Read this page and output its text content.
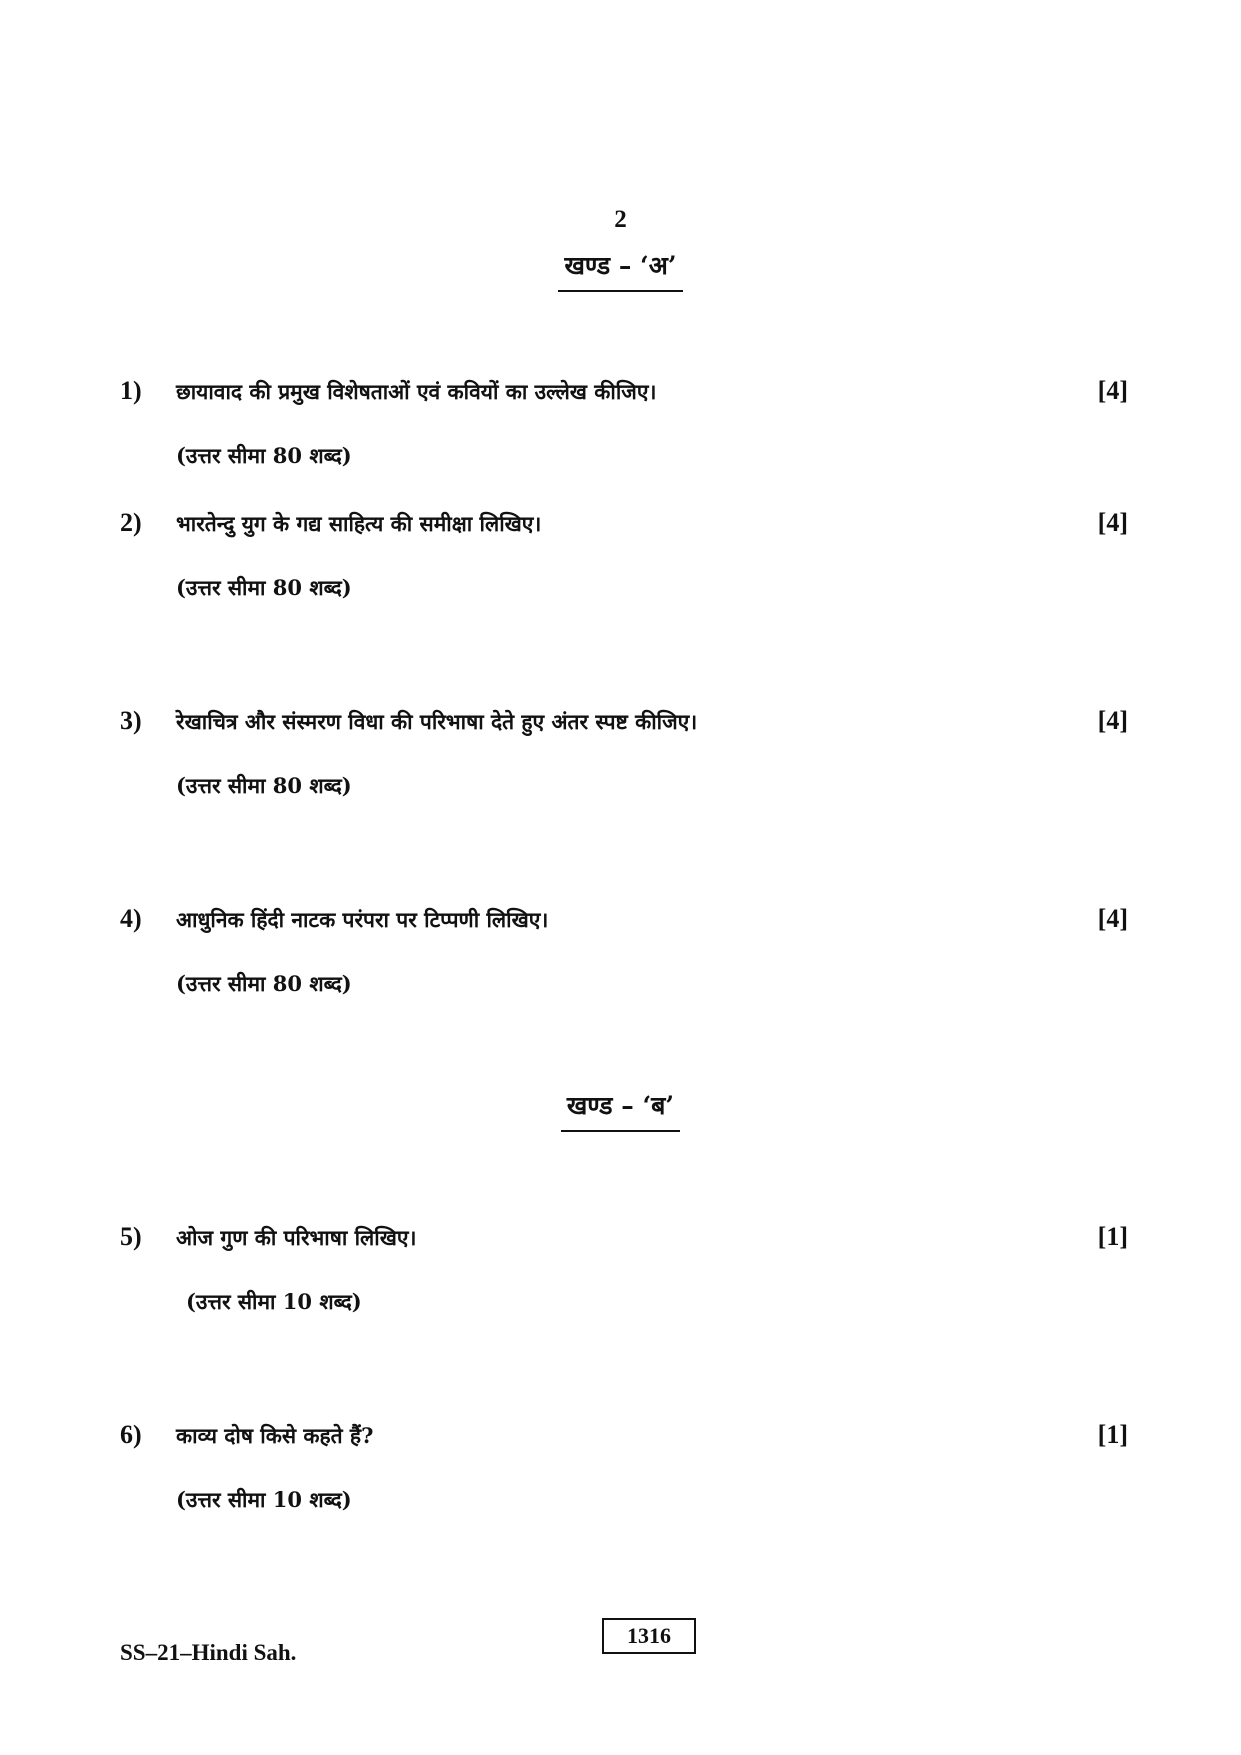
2
खण्ड – ‘अ’
1) छायावाद की प्रमुख विशेषताओं एवं कवियों का उल्लेख कीजिए।	[4]
(उत्तर सीमा 80 शब्द)
2) भारतेन्दु युग के गद्य साहित्य की समीक्षा लिखिए।	[4]
(उत्तर सीमा 80 शब्द)
3) रेखाचित्र और संस्मरण विधा की परिभाषा देते हुए अंतर स्पष्ट कीजिए।	[4]
(उत्तर सीमा 80 शब्द)
4) आधुनिक हिंदी नाटक परंपरा पर टिप्पणी लिखिए।	[4]
(उत्तर सीमा 80 शब्द)
खण्ड – ‘ब’
5) ओज गुण की परिभाषा लिखिए।	[1]
(उत्तर सीमा 10 शब्द)
6) काव्य दोष किसे कहते हैं?	[1]
(उत्तर सीमा 10 शब्द)
SS–21–Hindi Sah.
1316
